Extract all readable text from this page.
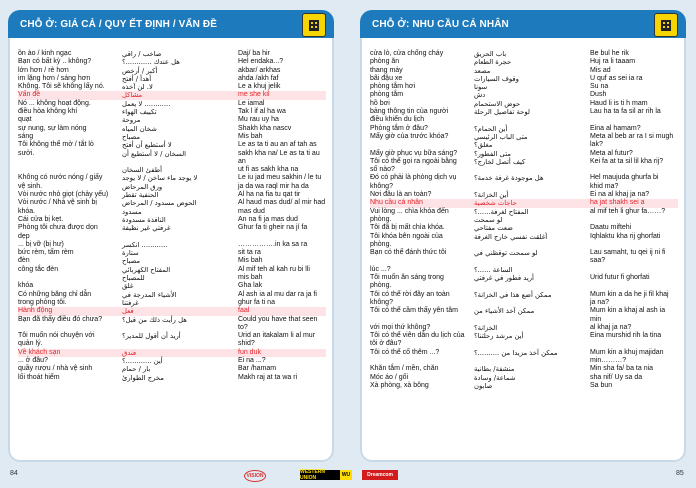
CHỖ Ở: GIÁ CẢ / QUY ẾT ĐỊNH / VẤN ĐỀ
ồn ào / kinh ngạc	صاخب / راقي	Daj/ ba hir
Bạn có bất kỳ .. không?	هل عندك ............؟	Hel endaka...?
lớn hơn / rẻ hơn	أكبر / أرخص	akbar/ arkhas
im lặng hơn / sáng hơn	أهدأ / أفتح	ahda /akh faf
Không. Tôi sẽ không lấy nó.	لا. لن آخذه	Le a khuj jelik
Vấn đề	مشاكل	me she kil
Nó ... không hoạt động.	............ لا يعمل	Le iamal
điều hòa không khí	تكييف الهواء	Tak l if al ha wa
quạt	مروحة	Mu rau uy ha
sự nung, sự làm nóng	شخان المياه	Shakh kha nascv
sáng	مصباح	Mis bah
Tôi không thể mở / tắt lò	لا أستطيع أن أفتح	Le as ta ti au an af tah as
sưởi.	السخان / لا أستطيع أن	sakh kha na/ Le as ta ti au an
أطفئ السخان	ut fi as sakh kha na
Không có nước nóng / giấy	لا يوجد ماء ساخن / لا يوجد	Le iu jad meu sakhin / le tu
vệ sinh.	ورق المرحاض	ja da wa raql mir ha da
Vòi nước nhỏ giọt (chảy yếu)	الحنفية تقطر	Al ha na fia tu qat tir
Vòi nước / Nhà vệ sinh bị	الحوض مسدود / المرحاض	Al haud mas dud/ al mir had
khóa.	مسدود	mas dud
Cái cửa bị kẹt.	النافذة مسدودة	An na fi ja mas dud
Phòng tôi chưa được dọn	غرفتي غير نظيفة	Ghur fa ti gheir na jí fa
dẹp
... bị vỡ (bị hư)	............ انكسر	…………….in ka sa ra
bức rèm, tấm rèm	ستارة	sit ta ra
đèn	مصباح	Mis bah
công tắc đèn	المفتاح الكهربائي	Al mif teh al kah ru bi lli
للمصباح	mis bah
khóa	غلق	Gha lak
Có những băng chỉ dẫn	الأشياء المدرجة في	Al ash ia al mu dar ra ja fi
trong phòng tôi.	غرفتنا	ghur fa ti na
Hành động	فعل	faal
Bạn đã thấy điều đó chưa?	هل رأيت ذلك من قبل؟	Could you have that seen to?
Tôi muốn nói chuyện với	أريد أن أقول للمدير؟	Urid an itakalam li al mur
quản lý.	shid?
Về khách sạn	فندق	fun duk
... ở đâu?	أين ............؟	Ei na ...?
quầy rượu / nhà vệ sinh	بار / حمام	Bar /hamam
lối thoát hiểm	مخرج الطوارئ	Makh raj at ta wa ri
CHỖ Ở: NHU CẦU CÁ NHÂN
cửa lò, cửa chống cháy	باب الحريق	Be bul he rik
phòng ăn	حجرة الطعام	Huj ra li taaam
thang máy	مصعد	Mis ad
bãi đậu xe	وقوف السيارات	U quf as sei ia ra
phòng tắm hơi	سونا	Su na
phòng tắm	دش	Dush
hồ bơi	حوض الاستحمام	Haud li is ti h mam
bảng thông tin của người	لوحة تفاصيل الرحلة	Lau ha ta fa sil ar rih la
điều khiển du lịch
Phòng tắm ở đâu?	أين الحمام؟	Eina al hamam?
Mấy giờ của trước khóa?	متى الباب الرئيسي	Meta al beb ar ra I si mugh
مغلق؟	lak?
Mấy giờ phục vụ bữa sáng?	متى الفطور؟	Meta al futur?
Tôi có thể gọi ra ngoài bằng	كيف أتصل لخارج؟	Kei fa at ta sil lil kha rij?
số nào?
Đó có phải là phòng dịch vụ	هل موجودة غرفة خدمة؟	Hel maujuda ghurfa bi
không?	khid ma?
Nơi đâu là an toàn?	أين الخزانة؟	Ei na al khaj ja na?
Nhu cầu cá nhân	حاجات شخصية	ha jat shakh sei a
Vui lòng ... chìa khóa đến	المفتاح لغرفة......؟	al mif teh li ghur fa……?
phòng.	لو سمحت
Tôi đã bị mất chìa khóa.	ضعت مفتاحي	Daatu miftehi
Tôi khóa bên ngoài của	أغلقت نفسي خارج الغرفة	Iqhlaktu kha rij ghorfati
phòng.
Bạn có thể đánh thức tôi	لو سمحت توقظني في	Lau samaht, tu qei ij ni fi saa?
lúc ...?	الساعة ......؟
Tôi muốn ăn sáng trong	أريد فطور في غرفتي	Urid futur fi ghorfati
phòng.
Tôi có thể rời đây an toàn	ممكن أضع هذا في الخزانة؟	Mum kin a da he ji fil khaj
không?	ja na?
Tôi có thể cầm thấy yên tâm	ممكن آخذ الأشياء من	Mum kin a khaj al ash ia min
với mọi thứ không?	الخزانة؟	al khaj ja na?
Tôi có thể viên dẫn du lịch của	أين مرشد رحلتنا؟	Eina murshid rih la tina
tôi ở đâu?
Tôi có thể cố thêm ...?	ممكن آخذ مزيدا من ..........؟	Mum kin a khuj majidan
min………?
Khăn tắm / mền, chăn	منشفة/ بطانية	Min sha fa/ ba ta nia
Móc áo / gối	شماعة/ وسادة	sha nif/ Uy sa da
Xà phòng, xà bông	صابون	Sa bun
84	85
VISION
WESTERN UNION	WU	Dreamcom
